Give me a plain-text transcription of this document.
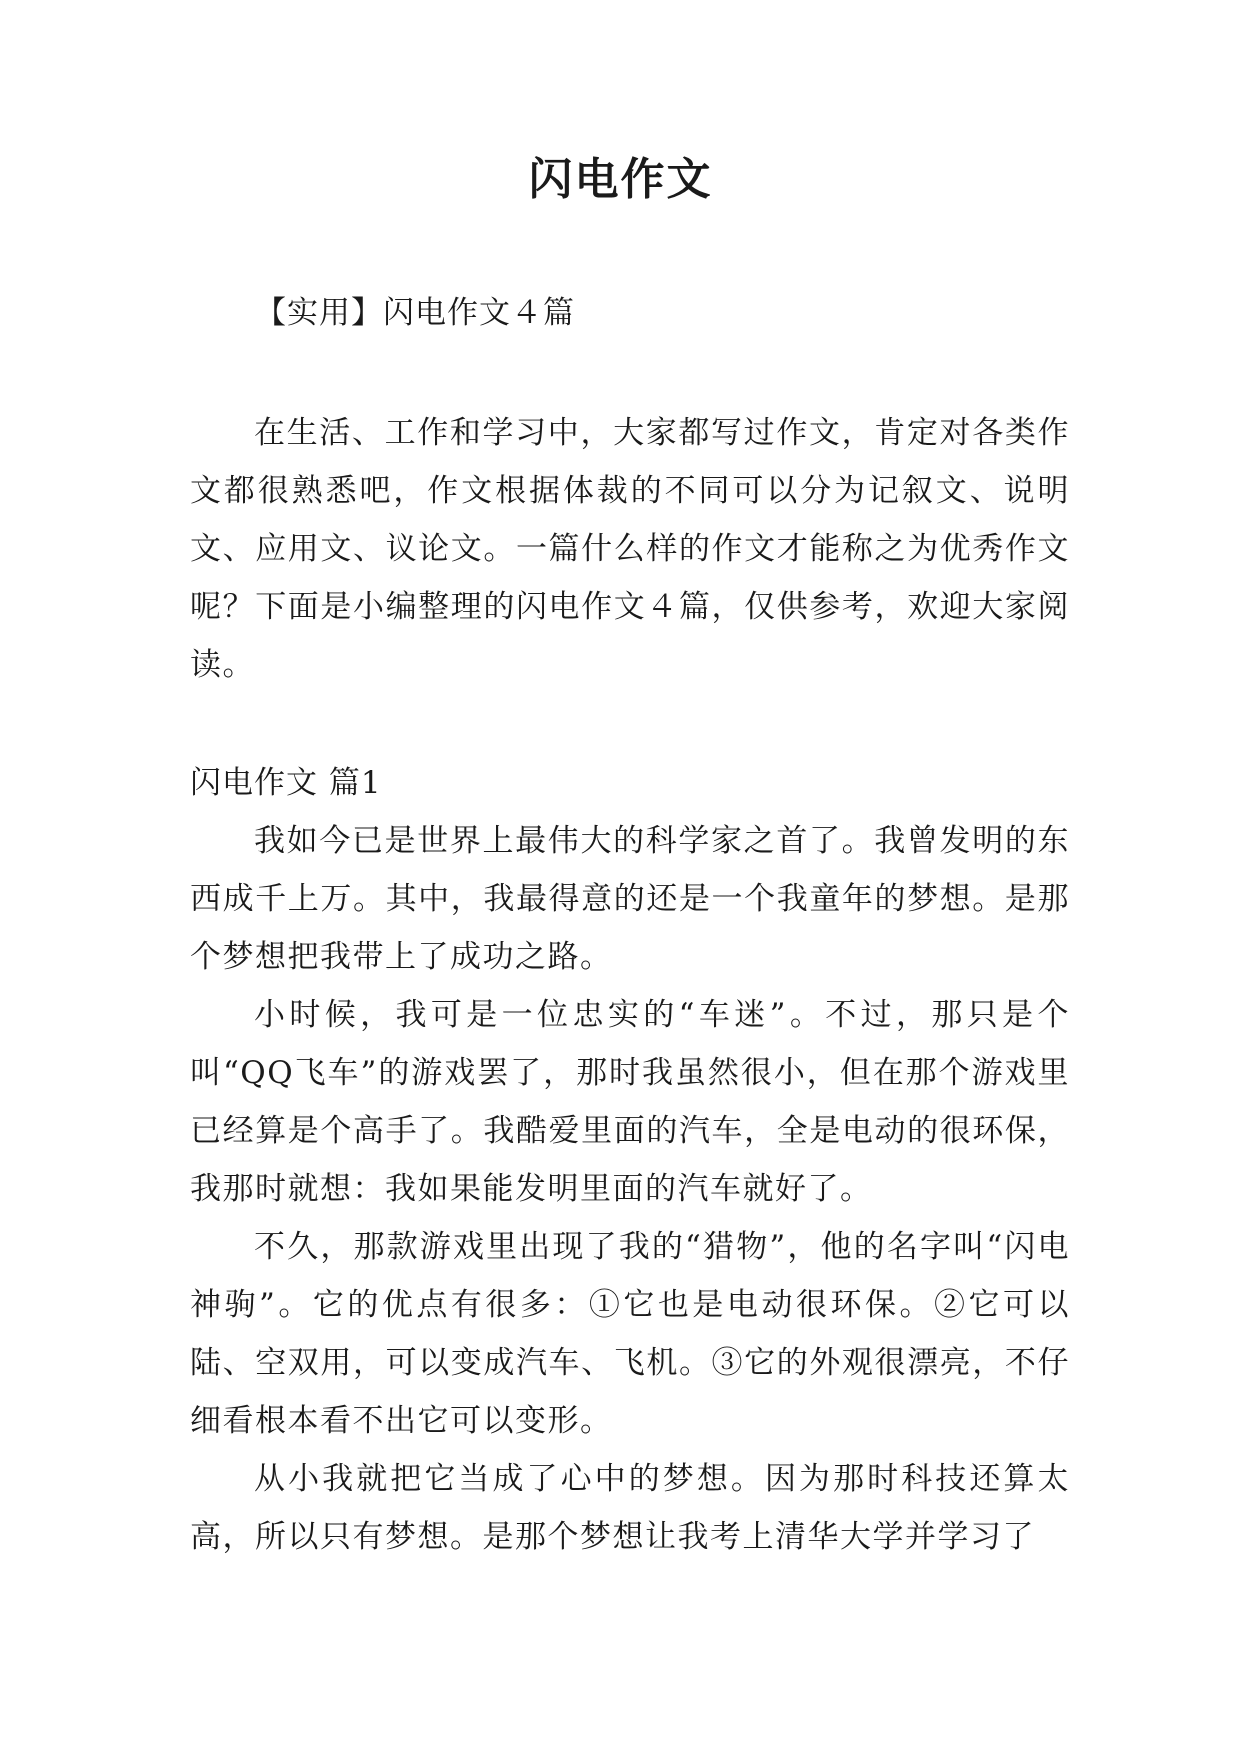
闪电作文

【实用】闪电作文４篇

在生活、工作和学习中，大家都写过作文，肯定对各类作文都很熟悉吧，作文根据体裁的不同可以分为记叙文、说明文、应用文、议论文。一篇什么样的作文才能称之为优秀作文呢？下面是小编整理的闪电作文４篇，仅供参考，欢迎大家阅读。

闪电作文 篇1

我如今已是世界上最伟大的科学家之首了。我曾发明的东西成千上万。其中，我最得意的还是一个我童年的梦想。是那个梦想把我带上了成功之路。

小时候，我可是一位忠实的“车迷”。不过，那只是个叫“QQ飞车”的游戏罢了，那时我虽然很小，但在那个游戏里已经算是个高手了。我酷爱里面的汽车，全是电动的很环保，我那时就想：我如果能发明里面的汽车就好了。

不久，那款游戏里出现了我的“猎物”，他的名字叫“闪电神驹”。它的优点有很多：①它也是电动很环保。②它可以陆、空双用，可以变成汽车、飞机。③它的外观很漂亮，不仔细看根本看不出它可以变形。

从小我就把它当成了心中的梦想。因为那时科技还算太高，所以只有梦想。是那个梦想让我考上清华大学并学习了
